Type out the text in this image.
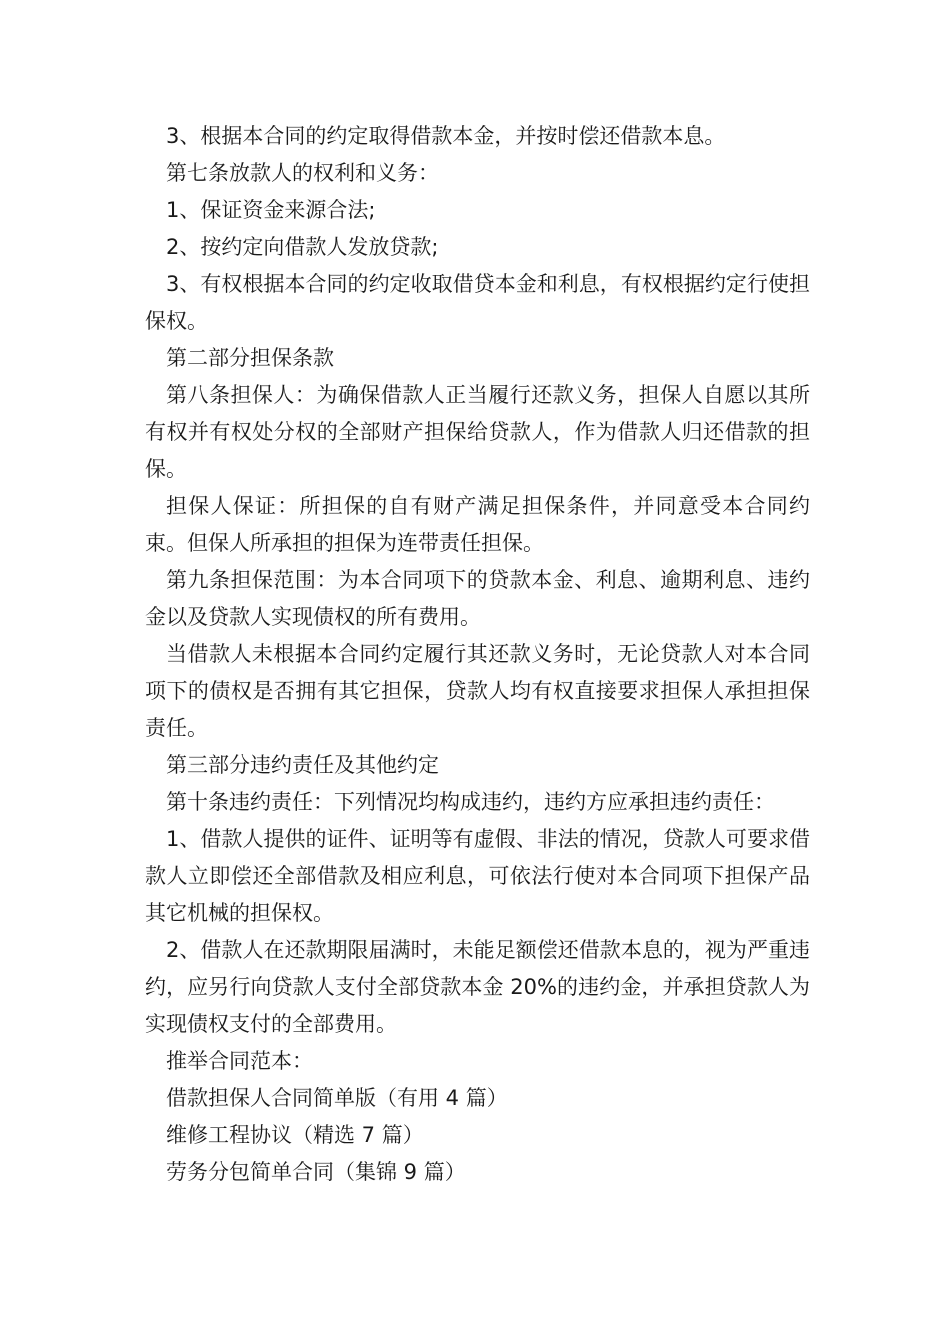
3、根据本合同的约定取得借款本金，并按时偿还借款本息。

第七条放款人的权利和义务：

1、保证资金来源合法;

2、按约定向借款人发放贷款;

3、有权根据本合同的约定收取借贷本金和利息，有权根据约定行使担保权。

第二部分担保条款

第八条担保人：为确保借款人正当履行还款义务，担保人自愿以其所有权并有权处分权的全部财产担保给贷款人，作为借款人归还借款的担保。

担保人保证：所担保的自有财产满足担保条件，并同意受本合同约束。但保人所承担的担保为连带责任担保。

第九条担保范围：为本合同项下的贷款本金、利息、逾期利息、违约金以及贷款人实现债权的所有费用。

当借款人未根据本合同约定履行其还款义务时，无论贷款人对本合同项下的债权是否拥有其它担保，贷款人均有权直接要求担保人承担担保责任。

第三部分违约责任及其他约定

第十条违约责任：下列情况均构成违约，违约方应承担违约责任：

1、借款人提供的证件、证明等有虚假、非法的情况，贷款人可要求借款人立即偿还全部借款及相应利息，可依法行使对本合同项下担保产品其它机械的担保权。

2、借款人在还款期限届满时，未能足额偿还借款本息的，视为严重违约，应另行向贷款人支付全部贷款本金 20%的违约金，并承担贷款人为实现债权支付的全部费用。

推举合同范本：

借款担保人合同简单版（有用 4 篇）

维修工程协议（精选 7 篇）

劳务分包简单合同（集锦 9 篇）
